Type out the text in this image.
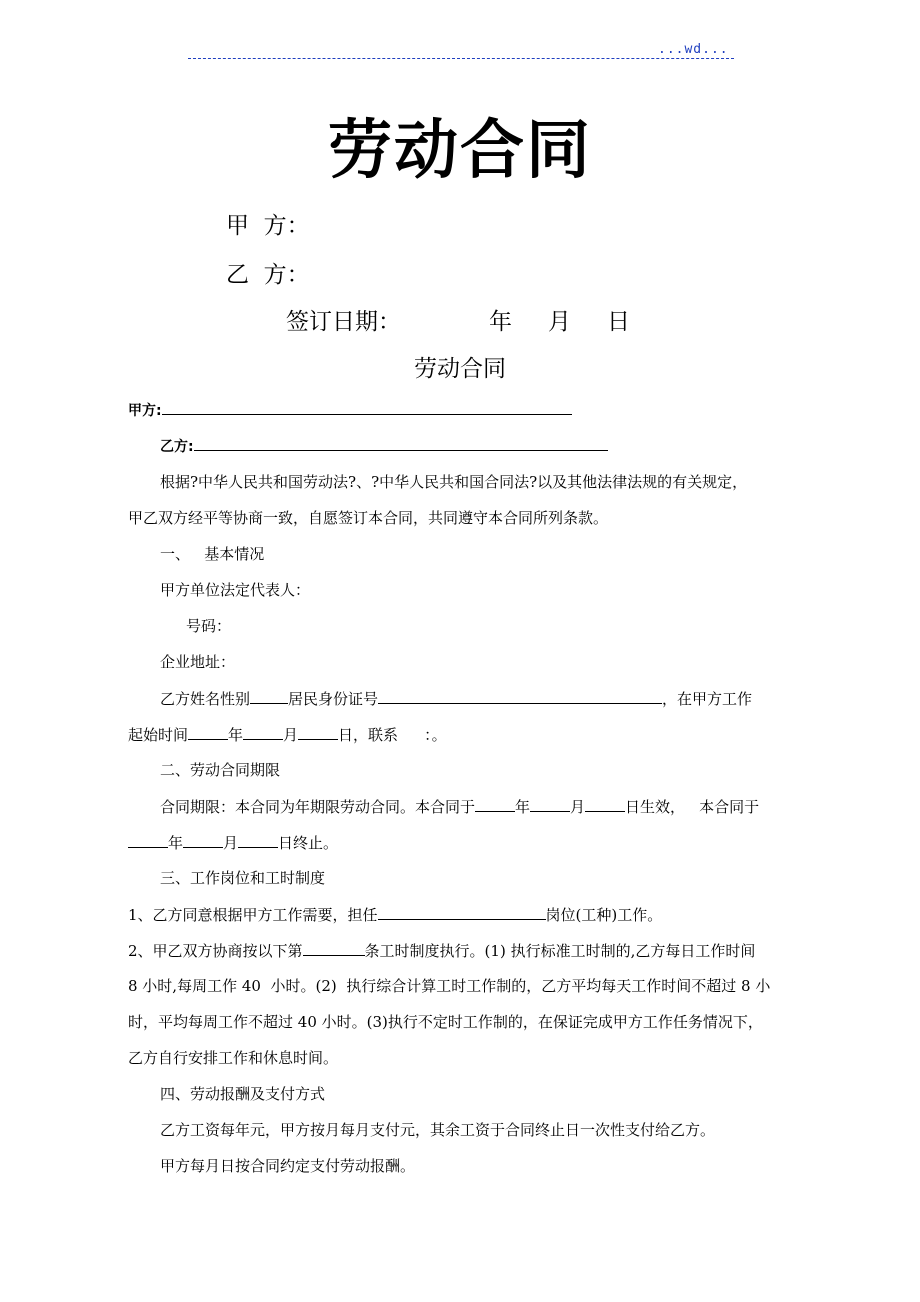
...wd...
劳动合同
甲  方：
乙  方：
签订日期：	年 月 日
劳动合同
甲方:
乙方:
根据?中华人民共和国劳动法?、?中华人民共和国合同法?以及其他法律法规的有关规定，
甲乙双方经平等协商一致，自愿签订本合同，共同遵守本合同所列条款。
一、   基本情况
甲方单位法定代表人：
号码：
企业地址：
乙方姓名性别	居民身份证号	，在甲方工作
起始时间	年	月	日，联系 ：。
二、劳动合同期限
合同期限：本合同为年期限劳动合同。本合同于	年	月	日生效， 本合同于
年	月	日终止。
三、工作岗位和工时制度
1、乙方同意根据甲方工作需要，担任	岗位(工种)工作。
2、甲乙双方协商按以下第	条工时制度执行。(1) 执行标准工时制的,乙方每日工作时间
8 小时,每周工作 40  小时。(2)  执行综合计算工时工作制的，乙方平均每天工作时间不超过 8 小
时，平均每周工作不超过 40 小时。(3)执行不定时工作制的，在保证完成甲方工作任务情况下，
乙方自行安排工作和休息时间。
四、劳动报酬及支付方式
乙方工资每年元，甲方按月每月支付元，其余工资于合同终止日一次性支付给乙方。
甲方每月日按合同约定支付劳动报酬。
